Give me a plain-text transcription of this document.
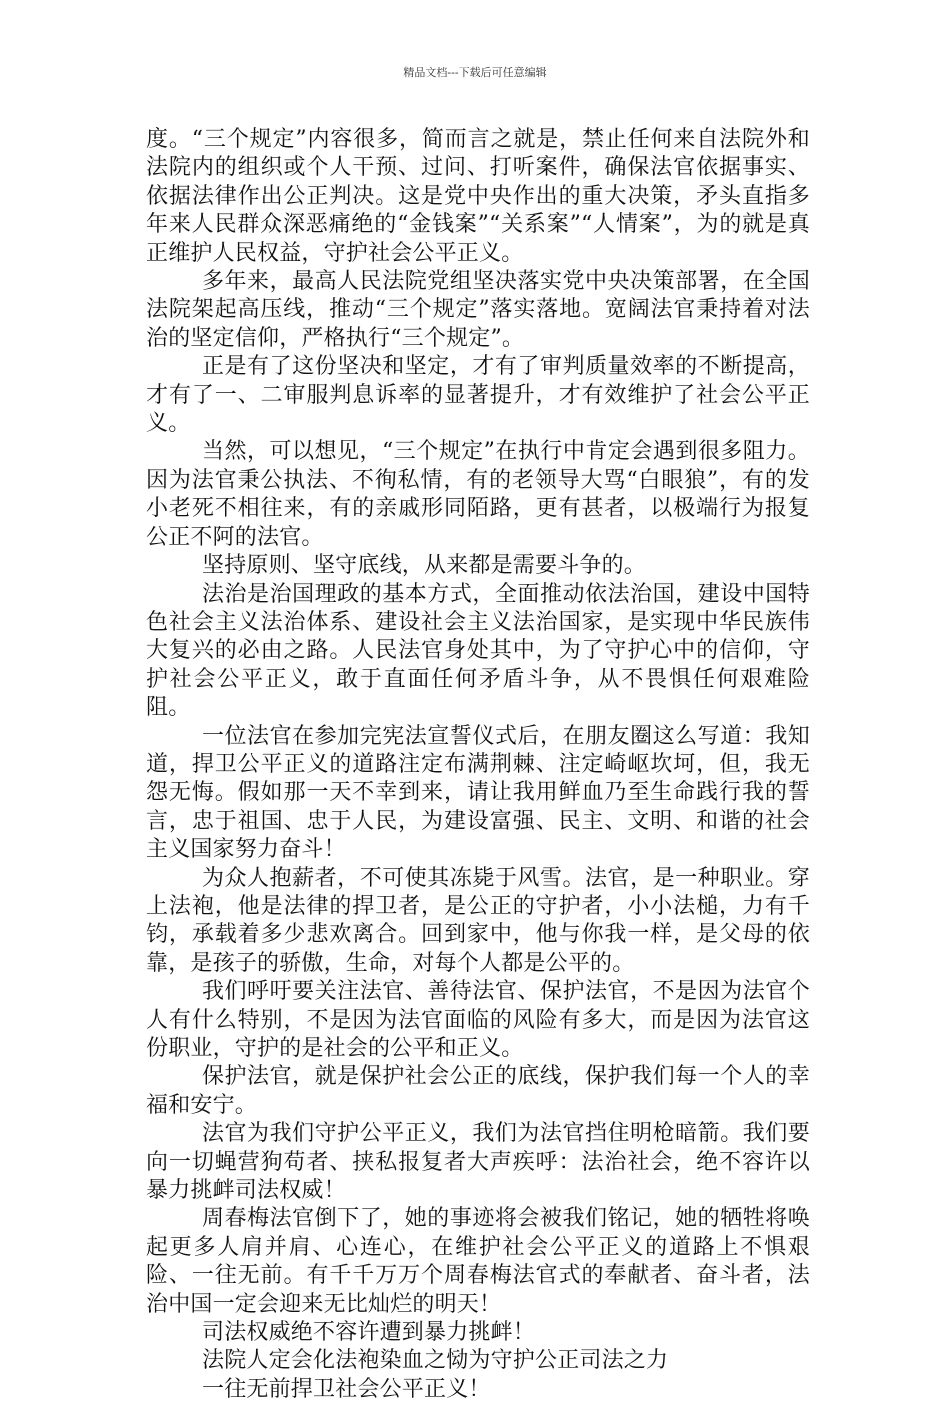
精品文档---下载后可任意编辑

度。“三个规定”内容很多，简而言之就是，禁止任何来自法院外和法院内的组织或个人干预、过问、打听案件，确保法官依据事实、依据法律作出公正判决。这是党中央作出的重大决策，矛头直指多年来人民群众深恶痛绝的“金钱案”“关系案”“人情案”，为的就是真正维护人民权益，守护社会公平正义。

多年来，最高人民法院党组坚决落实党中央决策部署，在全国法院架起高压线，推动“三个规定”落实落地。宽阔法官秉持着对法治的坚定信仰，严格执行“三个规定”。

正是有了这份坚决和坚定，才有了审判质量效率的不断提高，才有了一、二审服判息诉率的显著提升，才有效维护了社会公平正义。

当然，可以想见，“三个规定”在执行中肯定会遇到很多阻力。因为法官秉公执法、不徇私情，有的老领导大骂“白眼狼”，有的发小老死不相往来，有的亲戚形同陌路，更有甚者，以极端行为报复公正不阿的法官。

坚持原则、坚守底线，从来都是需要斗争的。

法治是治国理政的基本方式，全面推动依法治国，建设中国特色社会主义法治体系、建设社会主义法治国家，是实现中华民族伟大复兴的必由之路。人民法官身处其中，为了守护心中的信仰，守护社会公平正义，敢于直面任何矛盾斗争，从不畏惧任何艰难险阻。

一位法官在参加完宪法宣誓仪式后，在朋友圈这么写道：我知道，捍卫公平正义的道路注定布满荆棘、注定崎岖坎坷，但，我无怨无悔。假如那一天不幸到来，请让我用鲜血乃至生命践行我的誓言，忠于祖国、忠于人民，为建设富强、民主、文明、和谐的社会主义国家努力奋斗！

为众人抱薪者，不可使其冻毙于风雪。法官，是一种职业。穿上法袍，他是法律的捍卫者，是公正的守护者，小小法槌，力有千钧，承载着多少悲欢离合。回到家中，他与你我一样，是父母的依靠，是孩子的骄傲，生命，对每个人都是公平的。

我们呼吁要关注法官、善待法官、保护法官，不是因为法官个人有什么特别，不是因为法官面临的风险有多大，而是因为法官这份职业，守护的是社会的公平和正义。

保护法官，就是保护社会公正的底线，保护我们每一个人的幸福和安宁。

法官为我们守护公平正义，我们为法官挡住明枪暗箭。我们要向一切蝇营狗苟者、挟私报复者大声疾呼：法治社会，绝不容许以暴力挑衅司法权威！

周春梅法官倒下了，她的事迹将会被我们铭记，她的牺牲将唤起更多人肩并肩、心连心，在维护社会公平正义的道路上不惧艰险、一往无前。有千千万万个周春梅法官式的奉献者、奋斗者，法治中国一定会迎来无比灿烂的明天！

司法权威绝不容许遭到暴力挑衅！

法院人定会化法袍染血之恸为守护公正司法之力

一往无前捍卫社会公平正义！
